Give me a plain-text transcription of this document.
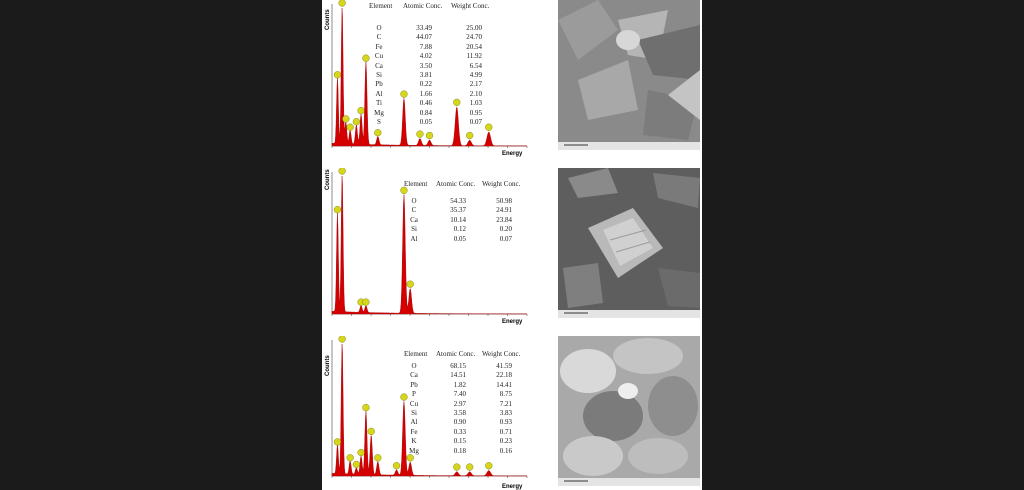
Counts
Energy
Element Atomic Conc. Weight Conc.
O	33.49	25.00
C	44.07	24.70
Fe	7.88	20.54
Cu	4.02	11.92
Ca	3.50	6.54
Si	3.81	4.99
Pb	0.22	2.17
Al	1.66	2.10
Ti	0.46	1.03
Mg	0.84	0.95
S	0.05	0.07
Counts
Energy
Element Atomic Conc. Weight Conc.
O	54.33	50.98
C	35.37	24.91
Ca	10.14	23.84
Si	0.12	0.20
Al	0.05	0.07
Counts
Energy
Element Atomic Conc. Weight Conc.
O	68.15	41.59
Ca	14.51	22.18
Pb	1.82	14.41
P	7.40	8.75
Cu	2.97	7.21
Si	3.58	3.83
Al	0.90	0.93
Fe	0.33	0.71
K	0.15	0.23
Mg	0.18	0.16
